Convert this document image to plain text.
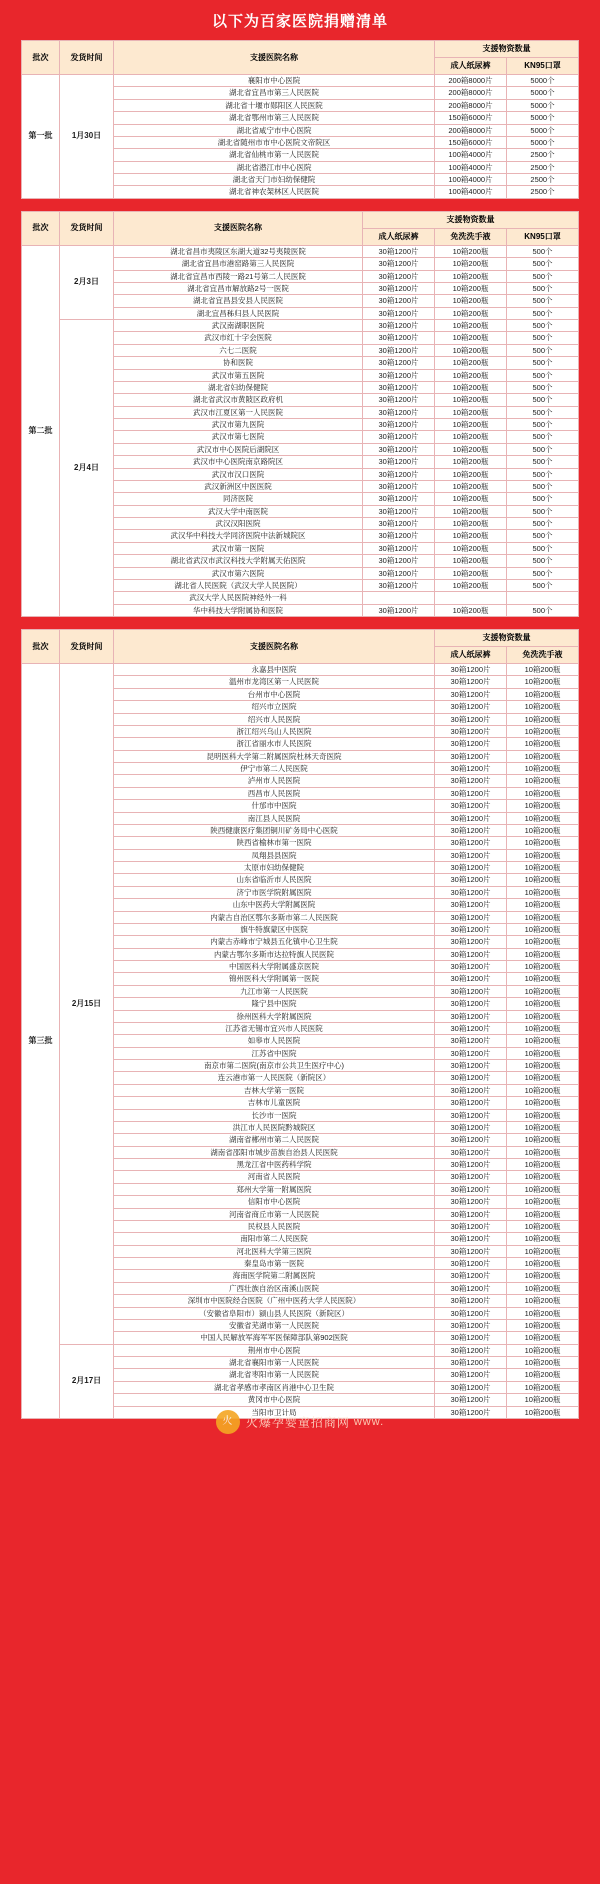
以下为百家医院捐赠清单
批次	发货时间	支援医院名称	支援物资数量	
			成人纸尿裤	KN95口罩
第一批	1月30日	襄阳市中心医院	200箱8000片	5000个
		湖北省宜昌市第三人民医院	200箱8000片	5000个
		湖北省十堰市郧阳区人民医院	200箱8000片	5000个
		湖北省鄂州市第三人民医院	150箱6000片	5000个
		湖北省咸宁市中心医院	200箱8000片	5000个
		湖北省随州市市中心医院文帝院区	150箱6000片	5000个
		湖北省仙桃市第一人民医院	100箱4000片	2500个
		湖北省潜江市中心医院	100箱4000片	2500个
		湖北省天门市妇幼保健院	100箱4000片	2500个
		湖北省神农架林区人民医院	100箱4000片	2500个
批次	发货时间	支援医院名称	支援物资数量		
			成人纸尿裤	免洗洗手液	KN95口罩
第二批	2月3日	湖北省昌市夷陵区东湖大道32号夷陵医院	30箱1200片	10箱200瓶	500个
		湖北省宜昌市港窑路第三人民医院	30箱1200片	10箱200瓶	500个
		湖北省宜昌市西陵一路21号第二人民医院	30箱1200片	10箱200瓶	500个
		湖北省宜昌市解放路2号一医院	30箱1200片	10箱200瓶	500个
		湖北省宜昌县安县人民医院	30箱1200片	10箱200瓶	500个
		湖北宜昌秭归县人民医院	30箱1200片	10箱200瓶	500个
	2月4日	武汉南湖职医院	30箱1200片	10箱200瓶	500个
		武汉市红十字会医院	30箱1200片	10箱200瓶	500个
		六七二医院	30箱1200片	10箱200瓶	500个
		协和医院	30箱1200片	10箱200瓶	500个
		武汉市第五医院	30箱1200片	10箱200瓶	500个
		湖北省妇幼保健院	30箱1200片	10箱200瓶	500个
		湖北省武汉市黄陂区政府机	30箱1200片	10箱200瓶	500个
		武汉市江夏区第一人民医院	30箱1200片	10箱200瓶	500个
		武汉市第九医院	30箱1200片	10箱200瓶	500个
		武汉市第七医院	30箱1200片	10箱200瓶	500个
		武汉市中心医院后湖院区	30箱1200片	10箱200瓶	500个
		武汉市中心医院南京路院区	30箱1200片	10箱200瓶	500个
		武汉市汉口医院	30箱1200片	10箱200瓶	500个
		武汉新洲区中医医院	30箱1200片	10箱200瓶	500个
		同济医院	30箱1200片	10箱200瓶	500个
		武汉大学中南医院	30箱1200片	10箱200瓶	500个
		武汉汉阳医院	30箱1200片	10箱200瓶	500个
		武汉华中科技大学同济医院中法新城院区	30箱1200片	10箱200瓶	500个
		武汉市第一医院	30箱1200片	10箱200瓶	500个
		湖北省武汉市武汉科技大学附属天佑医院	30箱1200片	10箱200瓶	500个
		武汉市第六医院	30箱1200片	10箱200瓶	500个
		湖北省人民医院（武汉大学人民医院）	30箱1200片	10箱200瓶	500个
		武汉大学人民医院神经外一科			
		华中科技大学附属协和医院	30箱1200片	10箱200瓶	500个
批次	发货时间	支援医院名称	支援物资数量	
			成人纸尿裤	免洗洗手液
第三批	2月15日	永嘉县中医院	30箱1200片	10箱200瓶
		温州市龙湾区第一人民医院	30箱1200片	10箱200瓶
		台州市中心医院	30箱1200片	10箱200瓶
		绍兴市立医院	30箱1200片	10箱200瓶
		绍兴市人民医院	30箱1200片	10箱200瓶
		浙江绍兴乌山人民医院	30箱1200片	10箱200瓶
		浙江省丽水市人民医院	30箱1200片	10箱200瓶
		昆明医科大学第二附属医院杜林天奇医院	30箱1200片	10箱200瓶
		伊宁市第二人民医院	30箱1200片	10箱200瓶
		泸州市人民医院	30箱1200片	10箱200瓶
		西昌市人民医院	30箱1200片	10箱200瓶
		什邡市中医院	30箱1200片	10箱200瓶
		南江县人民医院	30箱1200片	10箱200瓶
		陕西健康医疗集团铜川矿务局中心医院	30箱1200片	10箱200瓶
		陕西省榆林市第一医院	30箱1200片	10箱200瓶
		凤翔县县医院	30箱1200片	10箱200瓶
		太原市妇幼保健院	30箱1200片	10箱200瓶
		山东省临沂市人民医院	30箱1200片	10箱200瓶
		济宁市医学院附属医院	30箱1200片	10箱200瓶
		山东中医药大学附属医院	30箱1200片	10箱200瓶
		内蒙古自治区鄂尔多斯市第二人民医院	30箱1200片	10箱200瓶
		旗牛特旗蒙区中医院	30箱1200片	10箱200瓶
		内蒙古赤峰市宁城县五化镇中心卫生院	30箱1200片	10箱200瓶
		内蒙古鄂尔多斯市达拉特旗人民医院	30箱1200片	10箱200瓶
		中国医科大学附属盛京医院	30箱1200片	10箱200瓶
		锦州医科大学附属第一医院	30箱1200片	10箱200瓶
		九江市第一人民医院	30箱1200片	10箱200瓶
		隆宁县中医院	30箱1200片	10箱200瓶
		徐州医科大学附属医院	30箱1200片	10箱200瓶
		江苏省无锡市宜兴市人民医院	30箱1200片	10箱200瓶
		如皋市人民医院	30箱1200片	10箱200瓶
		江苏省中医院	30箱1200片	10箱200瓶
		南京市第二医院(南京市公共卫生医疗中心)	30箱1200片	10箱200瓶
		连云港市第一人民医院（新院区）	30箱1200片	10箱200瓶
		吉林大学第一医院	30箱1200片	10箱200瓶
		吉林市儿童医院	30箱1200片	10箱200瓶
		长沙市一医院	30箱1200片	10箱200瓶
		洪江市人民医院黔城院区	30箱1200片	10箱200瓶
		湖南省郴州市第二人民医院	30箱1200片	10箱200瓶
		湖南省邵阳市城步苗族自治县人民医院	30箱1200片	10箱200瓶
		黑龙江省中医药科学院	30箱1200片	10箱200瓶
		河南省人民医院	30箱1200片	10箱200瓶
		郑州大学第一附属医院	30箱1200片	10箱200瓶
		信阳市中心医院	30箱1200片	10箱200瓶
		河南省商丘市第一人民医院	30箱1200片	10箱200瓶
		民权县人民医院	30箱1200片	10箱200瓶
		南阳市第二人民医院	30箱1200片	10箱200瓶
		河北医科大学第三医院	30箱1200片	10箱200瓶
		秦皇岛市第一医院	30箱1200片	10箱200瓶
		海南医学院第二附属医院	30箱1200片	10箱200瓶
		广西壮族自治区南溪山医院	30箱1200片	10箱200瓶
		深圳市中医院经合医院（广州中医药大学人民医院）	30箱1200片	10箱200瓶
		（安徽省阜阳市）颍山县人民医院（新院区）	30箱1200片	10箱200瓶
		安徽省芜湖市第一人民医院	30箱1200片	10箱200瓶
		中国人民解放军海军军医保障部队第902医院	30箱1200片	10箱200瓶
	2月17日	荆州市中心医院	30箱1200片	10箱200瓶
		湖北省襄阳市第一人民医院	30箱1200片	10箱200瓶
		湖北省枣阳市第一人民医院	30箱1200片	10箱200瓶
		湖北省孝感市孝南区肖港中心卫生院	30箱1200片	10箱200瓶
		黄冈市中心医院	30箱1200片	10箱200瓶
		当阳市卫计局	30箱1200片	10箱200瓶
火 火爆孕婴童招商网 www.
